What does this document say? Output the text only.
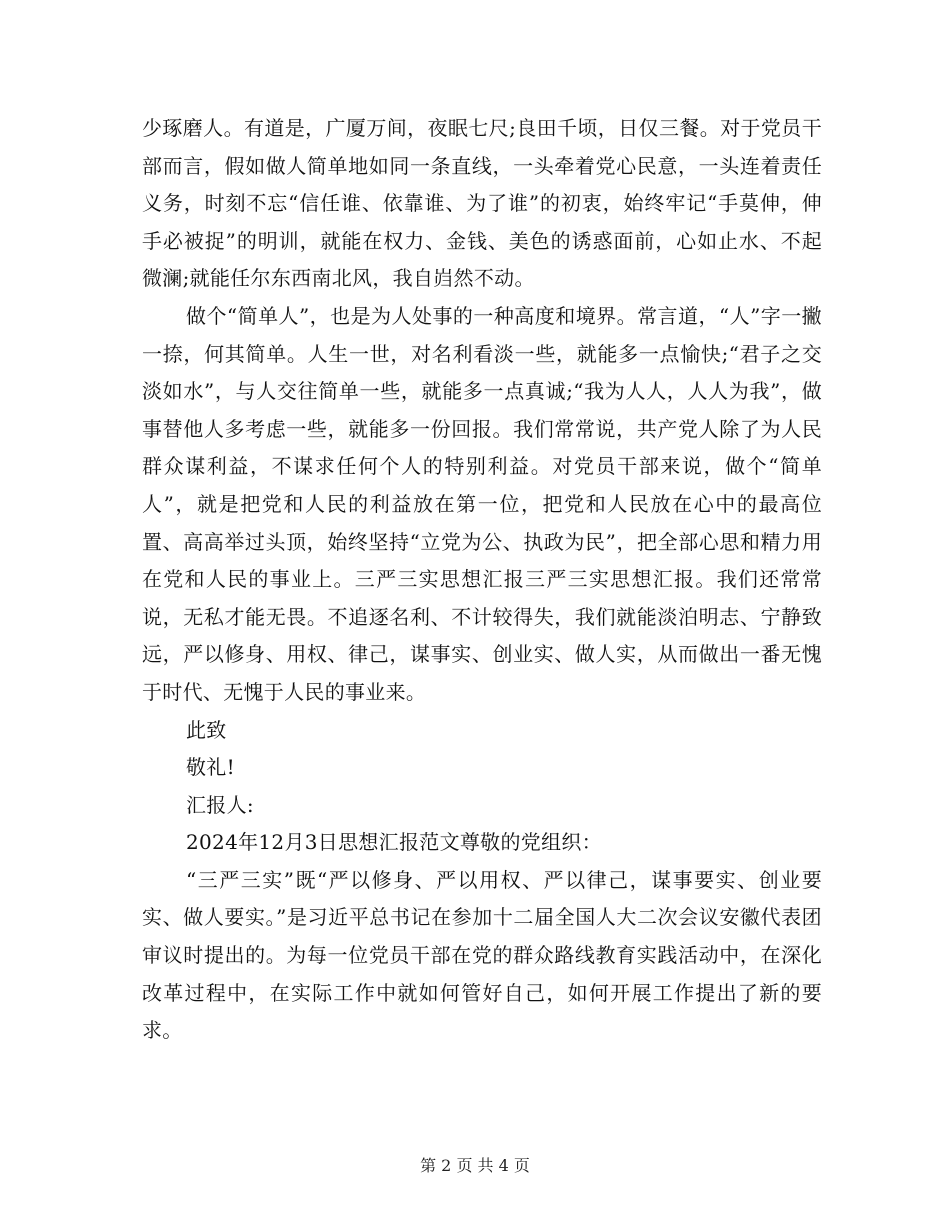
少琢磨人。有道是，广厦万间，夜眠七尺;良田千顷，日仅三餐。对于党员干部而言，假如做人简单地如同一条直线，一头牵着党心民意，一头连着责任义务，时刻不忘“信任谁、依靠谁、为了谁”的初衷，始终牢记“手莫伸，伸手必被捉”的明训，就能在权力、金钱、美色的诱惑面前，心如止水、不起微澜;就能任尔东西南北风，我自岿然不动。

做个“简单人”，也是为人处事的一种高度和境界。常言道，“人”字一撇一捺，何其简单。人生一世，对名利看淡一些，就能多一点愉快;“君子之交淡如水”，与人交往简单一些，就能多一点真诚;“我为人人，人人为我”，做事替他人多考虑一些，就能多一份回报。我们常常说，共产党人除了为人民群众谋利益，不谋求任何个人的特别利益。对党员干部来说，做个“简单人”，就是把党和人民的利益放在第一位，把党和人民放在心中的最高位置、高高举过头顶，始终坚持“立党为公、执政为民”，把全部心思和精力用在党和人民的事业上。三严三实思想汇报三严三实思想汇报。我们还常常说，无私才能无畏。不追逐名利、不计较得失，我们就能淡泊明志、宁静致远，严以修身、用权、律己，谋事实、创业实、做人实，从而做出一番无愧于时代、无愧于人民的事业来。

此致

敬礼!

汇报人:

2024年12月3日思想汇报范文尊敬的党组织：

“三严三实”既“严以修身、严以用权、严以律己，谋事要实、创业要实、做人要实。”是习近平总书记在参加十二届全国人大二次会议安徽代表团审议时提出的。为每一位党员干部在党的群众路线教育实践活动中，在深化改革过程中，在实际工作中就如何管好自己，如何开展工作提出了新的要求。

第 2 页 共 4 页
